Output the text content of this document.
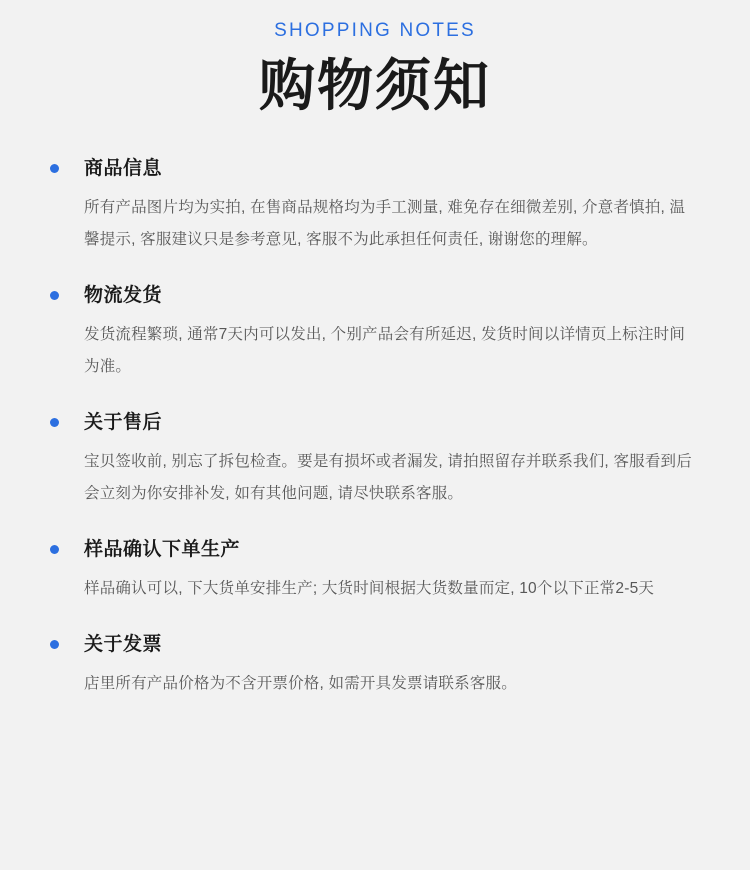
SHOPPING NOTES

购物须知

商品信息

所有产品图片均为实拍, 在售商品规格均为手工测量, 难免存在细微差别, 介意者慎拍, 温馨提示, 客服建议只是参考意见, 客服不为此承担任何责任, 谢谢您的理解。

物流发货

发货流程繁琐, 通常7天内可以发出, 个别产品会有所延迟, 发货时间以详情页上标注时间为准。

关于售后

宝贝签收前, 别忘了拆包检查。要是有损坏或者漏发, 请拍照留存并联系我们, 客服看到后会立刻为你安排补发, 如有其他问题, 请尽快联系客服。

样品确认下单生产

样品确认可以, 下大货单安排生产; 大货时间根据大货数量而定, 10个以下正常2-5天

关于发票

店里所有产品价格为不含开票价格, 如需开具发票请联系客服。
